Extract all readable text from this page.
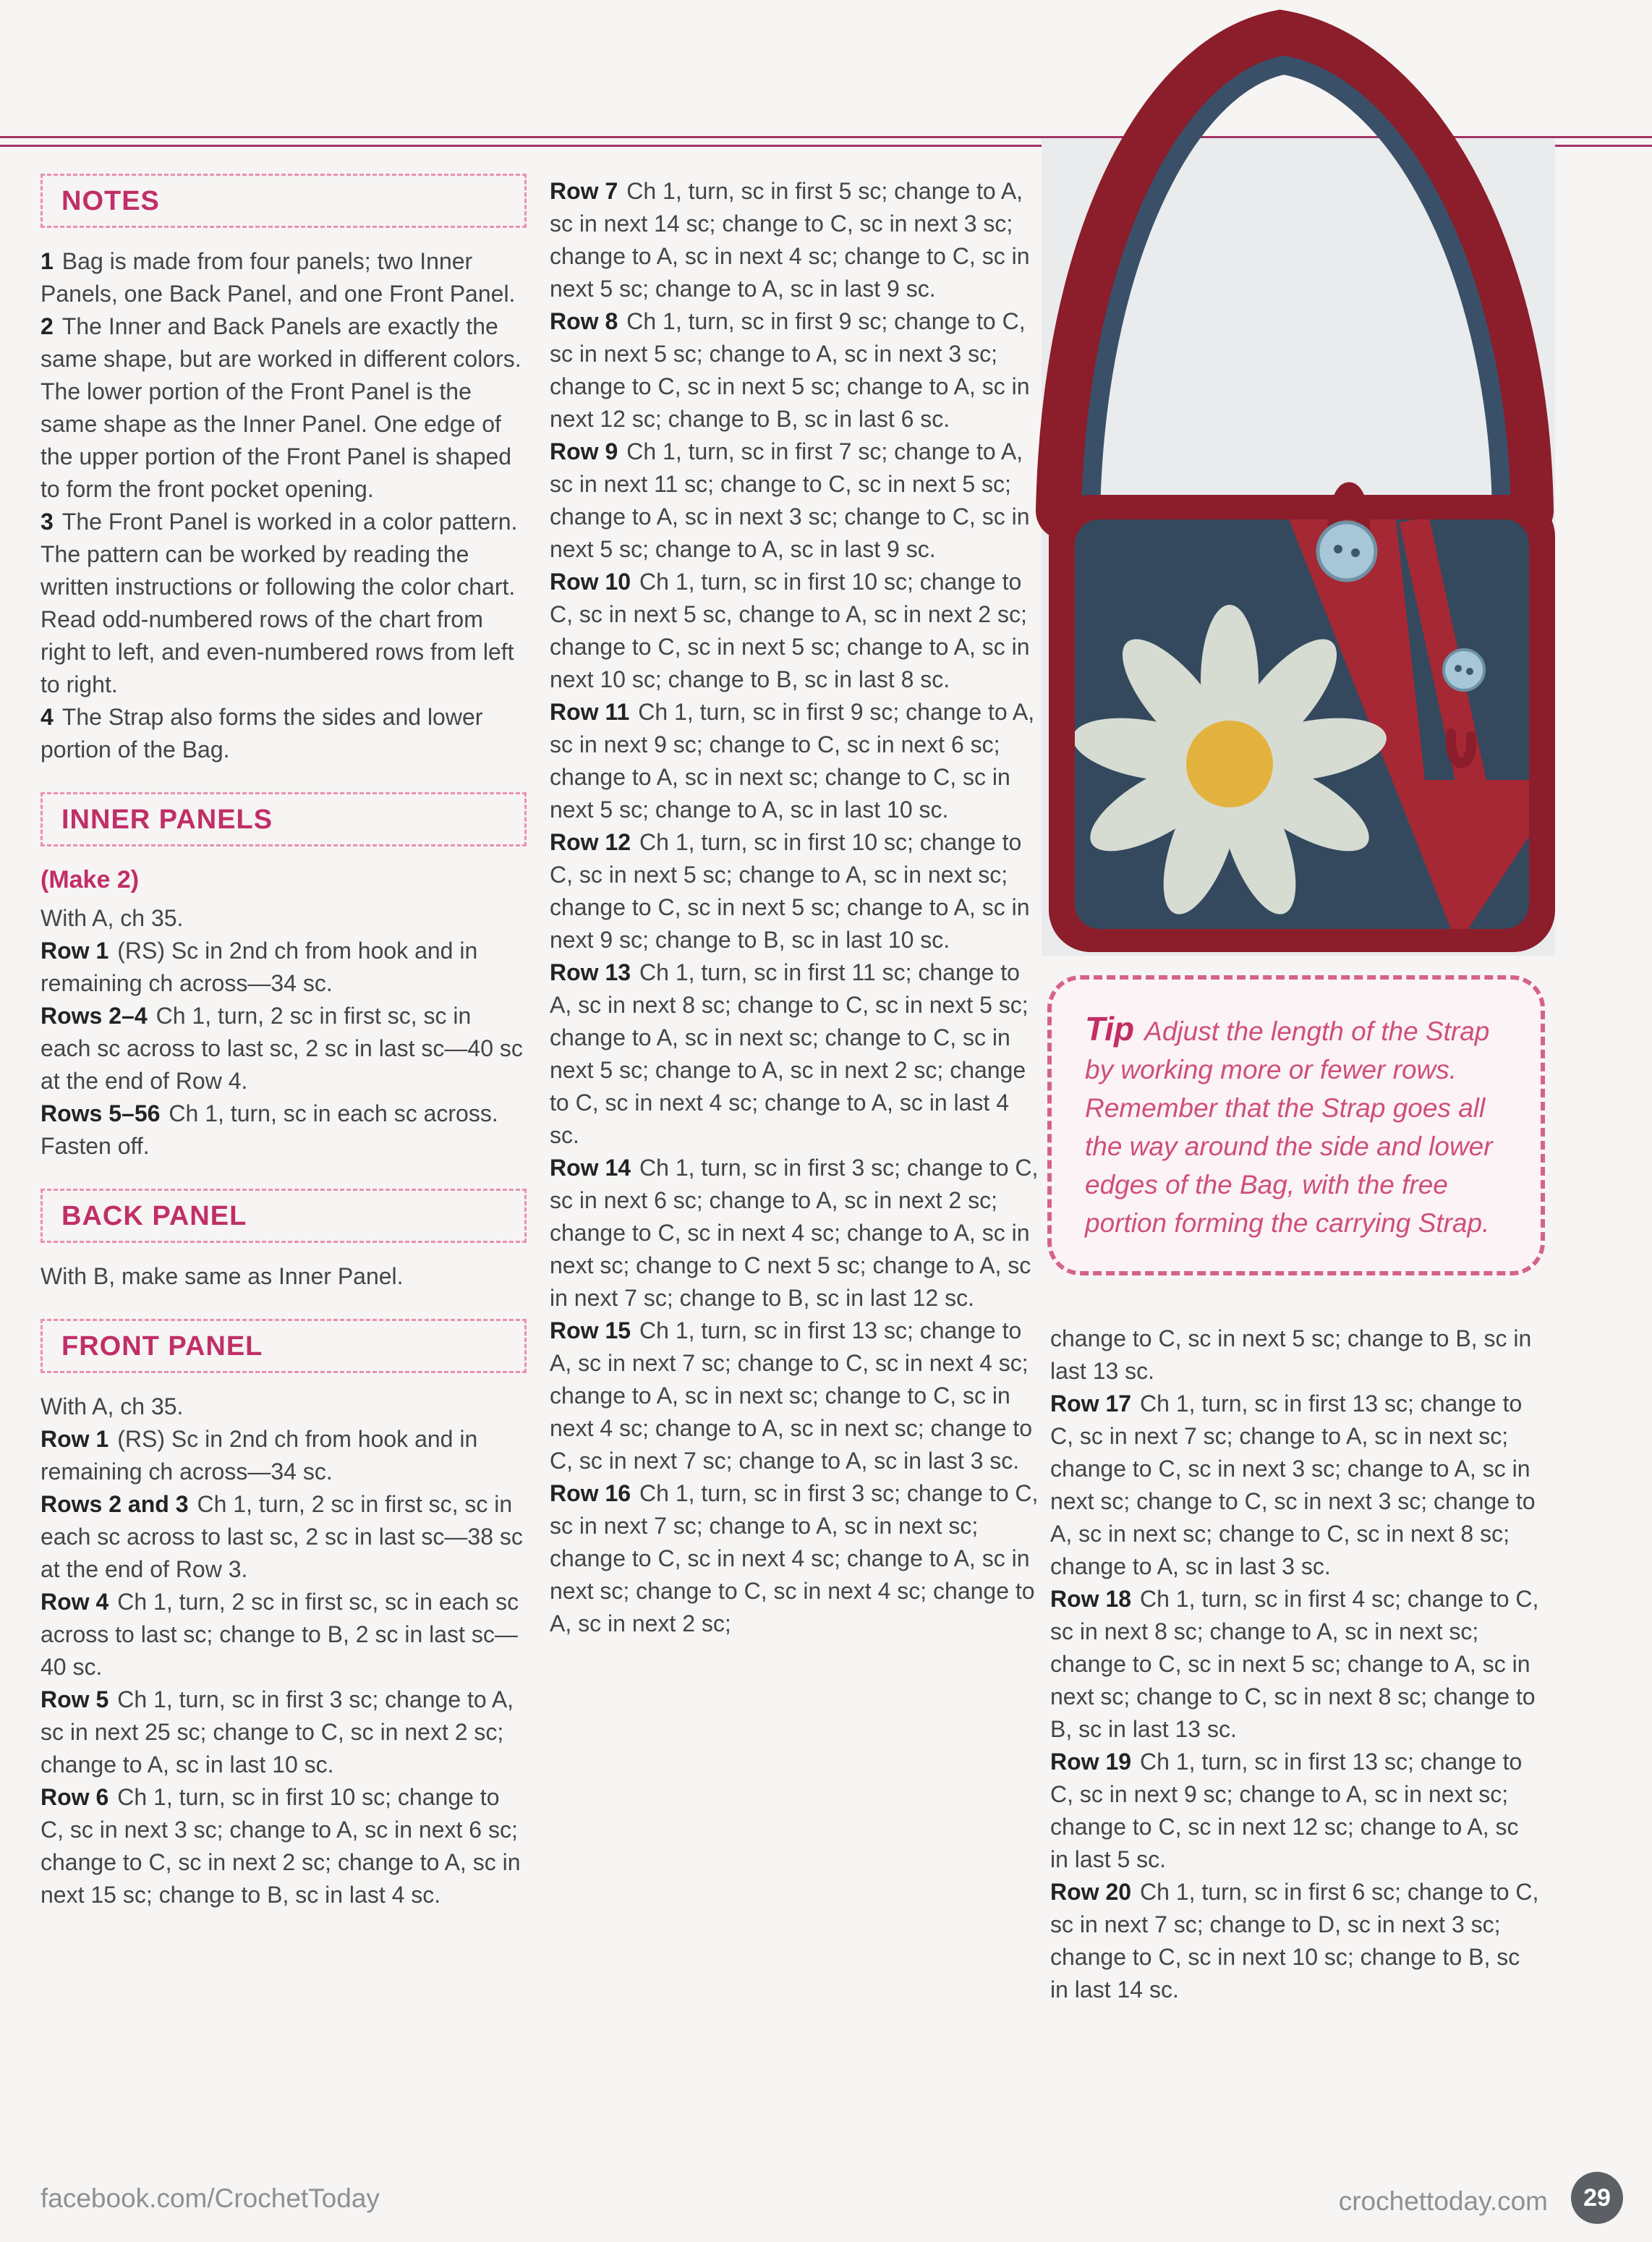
NOTES

1 Bag is made from four panels; two Inner Panels, one Back Panel, and one Front Panel.

2 The Inner and Back Panels are exactly the same shape, but are worked in different colors. The lower portion of the Front Panel is the same shape as the Inner Panel. One edge of the upper portion of the Front Panel is shaped to form the front pocket opening.

3 The Front Panel is worked in a color pattern. The pattern can be worked by reading the written instructions or following the color chart. Read odd-numbered rows of the chart from right to left, and even-numbered rows from left to right.

4 The Strap also forms the sides and lower portion of the Bag.

INNER PANELS
(Make 2)

With A, ch 35.

Row 1 (RS) Sc in 2nd ch from hook and in remaining ch across—34 sc.

Rows 2–4 Ch 1, turn, 2 sc in first sc, sc in each sc across to last sc, 2 sc in last sc—40 sc at the end of Row 4.

Rows 5–56 Ch 1, turn, sc in each sc across.

Fasten off.

BACK PANEL

With B, make same as Inner Panel.

FRONT PANEL

With A, ch 35.

Row 1 (RS) Sc in 2nd ch from hook and in remaining ch across—34 sc.

Rows 2 and 3 Ch 1, turn, 2 sc in first sc, sc in each sc across to last sc, 2 sc in last sc—38 sc at the end of Row 3.

Row 4 Ch 1, turn, 2 sc in first sc, sc in each sc across to last sc; change to B, 2 sc in last sc—40 sc.

Row 5 Ch 1, turn, sc in first 3 sc; change to A, sc in next 25 sc; change to C, sc in next 2 sc; change to A, sc in last 10 sc.

Row 6 Ch 1, turn, sc in first 10 sc; change to C, sc in next 3 sc; change to A, sc in next 6 sc; change to C, sc in next 2 sc; change to A, sc in next 15 sc; change to B, sc in last 4 sc.

Row 7 Ch 1, turn, sc in first 5 sc; change to A, sc in next 14 sc; change to C, sc in next 3 sc; change to A, sc in next 4 sc; change to C, sc in next 5 sc; change to A, sc in last 9 sc.

Row 8 Ch 1, turn, sc in first 9 sc; change to C, sc in next 5 sc; change to A, sc in next 3 sc; change to C, sc in next 5 sc; change to A, sc in next 12 sc; change to B, sc in last 6 sc.

Row 9 Ch 1, turn, sc in first 7 sc; change to A, sc in next 11 sc; change to C, sc in next 5 sc; change to A, sc in next 3 sc; change to C, sc in next 5 sc; change to A, sc in last 9 sc.

Row 10 Ch 1, turn, sc in first 10 sc; change to C, sc in next 5 sc, change to A, sc in next 2 sc; change to C, sc in next 5 sc; change to A, sc in next 10 sc; change to B, sc in last 8 sc.

Row 11 Ch 1, turn, sc in first 9 sc; change to A, sc in next 9 sc; change to C, sc in next 6 sc; change to A, sc in next sc; change to C, sc in next 5 sc; change to A, sc in last 10 sc.

Row 12 Ch 1, turn, sc in first 10 sc; change to C, sc in next 5 sc; change to A, sc in next sc; change to C, sc in next 5 sc; change to A, sc in next 9 sc; change to B, sc in last 10 sc.

Row 13 Ch 1, turn, sc in first 11 sc; change to A, sc in next 8 sc; change to C, sc in next 5 sc; change to A, sc in next sc; change to C, sc in next 5 sc; change to A, sc in next 2 sc; change to C, sc in next 4 sc; change to A, sc in last 4 sc.

Row 14 Ch 1, turn, sc in first 3 sc; change to C, sc in next 6 sc; change to A, sc in next 2 sc; change to C, sc in next 4 sc; change to A, sc in next sc; change to C next 5 sc; change to A, sc in next 7 sc; change to B, sc in last 12 sc.

Row 15 Ch 1, turn, sc in first 13 sc; change to A, sc in next 7 sc; change to C, sc in next 4 sc; change to A, sc in next sc; change to C, sc in next 4 sc; change to A, sc in next sc; change to C, sc in next 7 sc; change to A, sc in last 3 sc.

Row 16 Ch 1, turn, sc in first 3 sc; change to C, sc in next 7 sc; change to A, sc in next sc; change to C, sc in next 4 sc; change to A, sc in next sc; change to C, sc in next 4 sc; change to A, sc in next 2 sc;

Tip Adjust the length of the Strap by working more or fewer rows. Remember that the Strap goes all the way around the side and lower edges of the Bag, with the free portion forming the carrying Strap.

change to C, sc in next 5 sc; change to B, sc in last 13 sc.

Row 17 Ch 1, turn, sc in first 13 sc; change to C, sc in next 7 sc; change to A, sc in next sc; change to C, sc in next 3 sc; change to A, sc in next sc; change to C, sc in next 3 sc; change to A, sc in next sc; change to C, sc in next 8 sc; change to A, sc in last 3 sc.

Row 18 Ch 1, turn, sc in first 4 sc; change to C, sc in next 8 sc; change to A, sc in next sc; change to C, sc in next 5 sc; change to A, sc in next sc; change to C, sc in next 8 sc; change to B, sc in last 13 sc.

Row 19 Ch 1, turn, sc in first 13 sc; change to C, sc in next 9 sc; change to A, sc in next sc; change to C, sc in next 12 sc; change to A, sc in last 5 sc.

Row 20 Ch 1, turn, sc in first 6 sc; change to C, sc in next 7 sc; change to D, sc in next 3 sc; change to C, sc in next 10 sc; change to B, sc in last 14 sc.

facebook.com/CrochetToday	crochettoday.com	29
